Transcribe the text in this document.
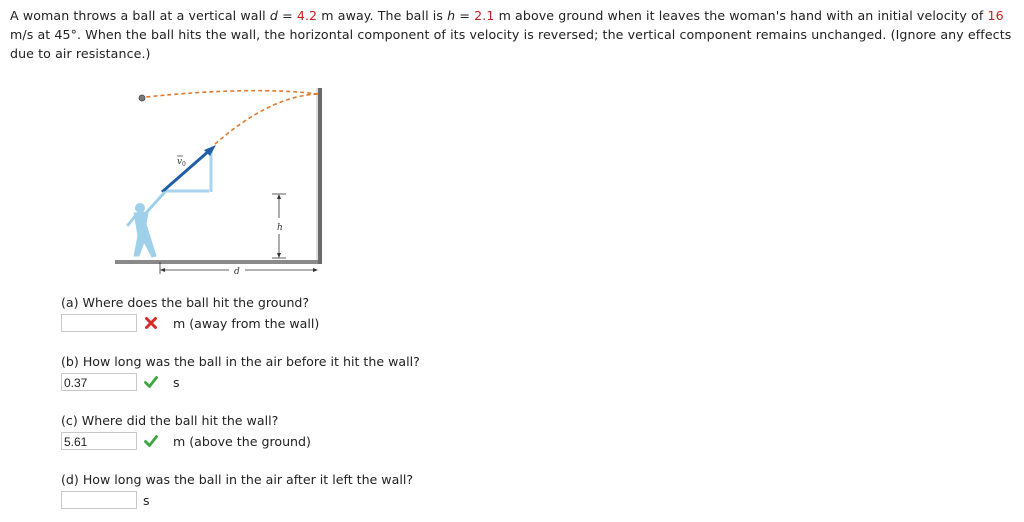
A woman throws a ball at a vertical wall d = 4.2 m away. The ball is h = 2.1 m above ground when it leaves the woman's hand with an initial velocity of 16 m/s at 45°. When the ball hits the wall, the horizontal component of its velocity is reversed; the vertical component remains unchanged. (Ignore any effects due to air resistance.)
v 0
h
d
(a) Where does the ball hit the ground?
m (away from the wall)
(b) How long was the ball in the air before it hit the wall?
0.37	s
(c) Where did the ball hit the wall?
5.61	m (above the ground)
(d) How long was the ball in the air after it left the wall?
s
